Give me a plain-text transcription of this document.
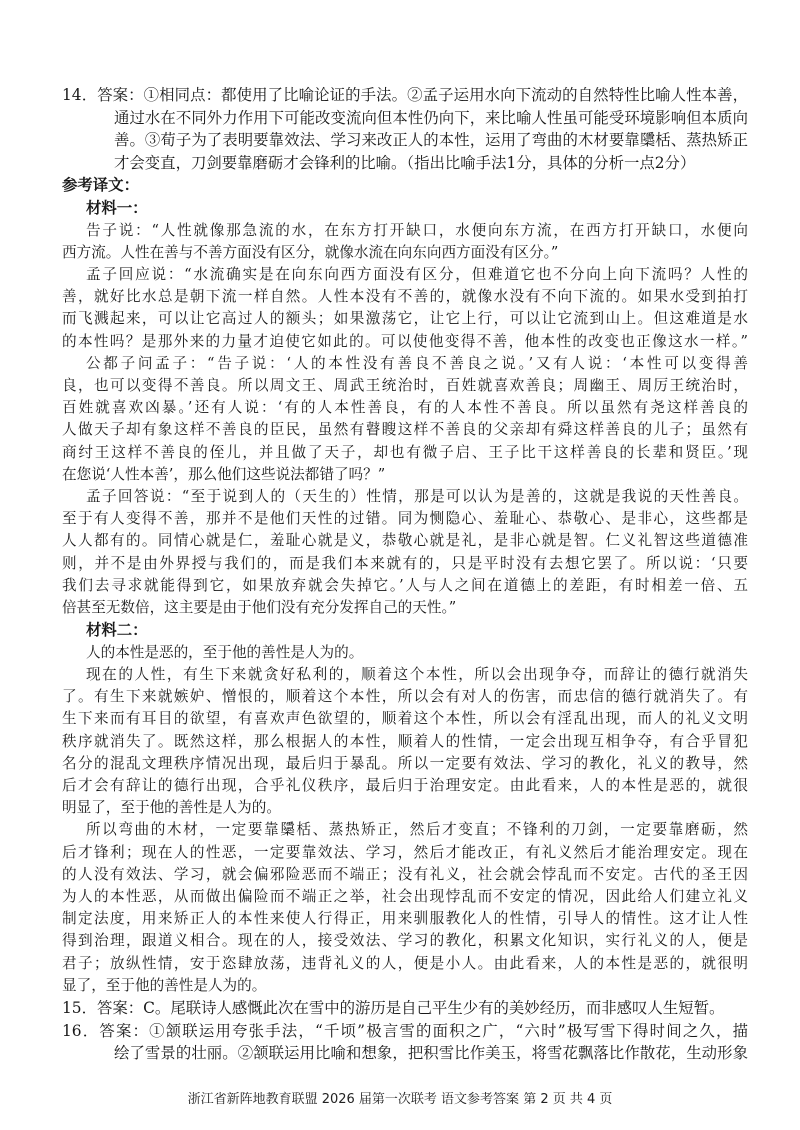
14．答案：①相同点：都使用了比喻论证的手法。②孟子运用水向下流动的自然特性比喻人性本善，
通过水在不同外力作用下可能改变流向但本性仍向下，来比喻人性虽可能受环境影响但本质向
善。③荀子为了表明要靠效法、学习来改正人的本性，运用了弯曲的木材要靠櫽栝、蒸热矫正
才会变直，刀剑要靠磨砺才会锋利的比喻。（指出比喻手法1分，具体的分析一点2分）
参考译文：
材料一：
告子说：“人性就像那急流的水，在东方打开缺口，水便向东方流，在西方打开缺口，水便向
西方流。人性在善与不善方面没有区分，就像水流在向东向西方面没有区分。”
孟子回应说：“水流确实是在向东向西方面没有区分，但难道它也不分向上向下流吗？人性的
善，就好比水总是朝下流一样自然。人性本没有不善的，就像水没有不向下流的。如果水受到拍打
而飞溅起来，可以让它高过人的额头；如果激荡它，让它上行，可以让它流到山上。但这难道是水
的本性吗？是那外来的力量才迫使它如此的。可以使他变得不善，他本性的改变也正像这水一样。”
公都子问孟子：“告子说：‘人的本性没有善良不善良之说。’又有人说：‘本性可以变得善
良，也可以变得不善良。所以周文王、周武王统治时，百姓就喜欢善良；周幽王、周厉王统治时，
百姓就喜欢凶暴。’还有人说：‘有的人本性善良，有的人本性不善良。所以虽然有尧这样善良的
人做天子却有象这样不善良的臣民，虽然有瞽瞍这样不善良的父亲却有舜这样善良的儿子；虽然有
商纣王这样不善良的侄儿，并且做了天子，却也有微子启、王子比干这样善良的长辈和贤臣。’现
在您说‘人性本善’，那么他们这些说法都错了吗？”
孟子回答说：“至于说到人的（天生的）性情，那是可以认为是善的，这就是我说的天性善良。
至于有人变得不善，那并不是他们天性的过错。同为恻隐心、羞耻心、恭敬心、是非心，这些都是
人人都有的。同情心就是仁，羞耻心就是义，恭敬心就是礼，是非心就是智。仁义礼智这些道德准
则，并不是由外界授与我们的，而是我们本来就有的，只是平时没有去想它罢了。所以说：‘只要
我们去寻求就能得到它，如果放弃就会失掉它。’人与人之间在道德上的差距，有时相差一倍、五
倍甚至无数倍，这主要是由于他们没有充分发挥自己的天性。”
材料二：
人的本性是恶的，至于他的善性是人为的。
现在的人性，有生下来就贪好私利的，顺着这个本性，所以会出现争夺，而辞让的德行就消失
了。有生下来就嫉妒、憎恨的，顺着这个本性，所以会有对人的伤害，而忠信的德行就消失了。有
生下来而有耳目的欲望，有喜欢声色欲望的，顺着这个本性，所以会有淫乱出现，而人的礼义文明
秩序就消失了。既然这样，那么根据人的本性，顺着人的性情，一定会出现互相争夺，有合乎冒犯
名分的混乱文理秩序情况出现，最后归于暴乱。所以一定要有效法、学习的教化，礼义的教导，然
后才会有辞让的德行出现，合乎礼仪秩序，最后归于治理安定。由此看来，人的本性是恶的，就很
明显了，至于他的善性是人为的。
所以弯曲的木材，一定要靠櫽栝、蒸热矫正，然后才变直；不锋利的刀剑，一定要靠磨砺，然
后才锋利；现在人的性恶，一定要靠效法、学习，然后才能改正，有礼义然后才能治理安定。现在
的人没有效法、学习，就会偏邪险恶而不端正；没有礼义，社会就会悖乱而不安定。古代的圣王因
为人的本性恶，从而做出偏险而不端正之举，社会出现悖乱而不安定的情况，因此给人们建立礼义
制定法度，用来矫正人的本性来使人行得正，用来驯服教化人的性情，引导人的情性。这才让人性
得到治理，跟道义相合。现在的人，接受效法、学习的教化，积累文化知识，实行礼义的人，便是
君子；放纵性情，安于恣肆放荡，违背礼义的人，便是小人。由此看来，人的本性是恶的，就很明
显了，至于他的善性是人为的。
15．答案：C。尾联诗人感慨此次在雪中的游历是自己平生少有的美妙经历，而非感叹人生短暂。
16．答案：①颔联运用夸张手法，“千顷”极言雪的面积之广，“六时”极写雪下得时间之久，描
绘了雪景的壮丽。②颔联运用比喻和想象，把积雪比作美玉，将雪花飘落比作散花，生动形象
浙江省新阵地教育联盟 2026 届第一次联考 语文参考答案 第 2 页 共 4 页
